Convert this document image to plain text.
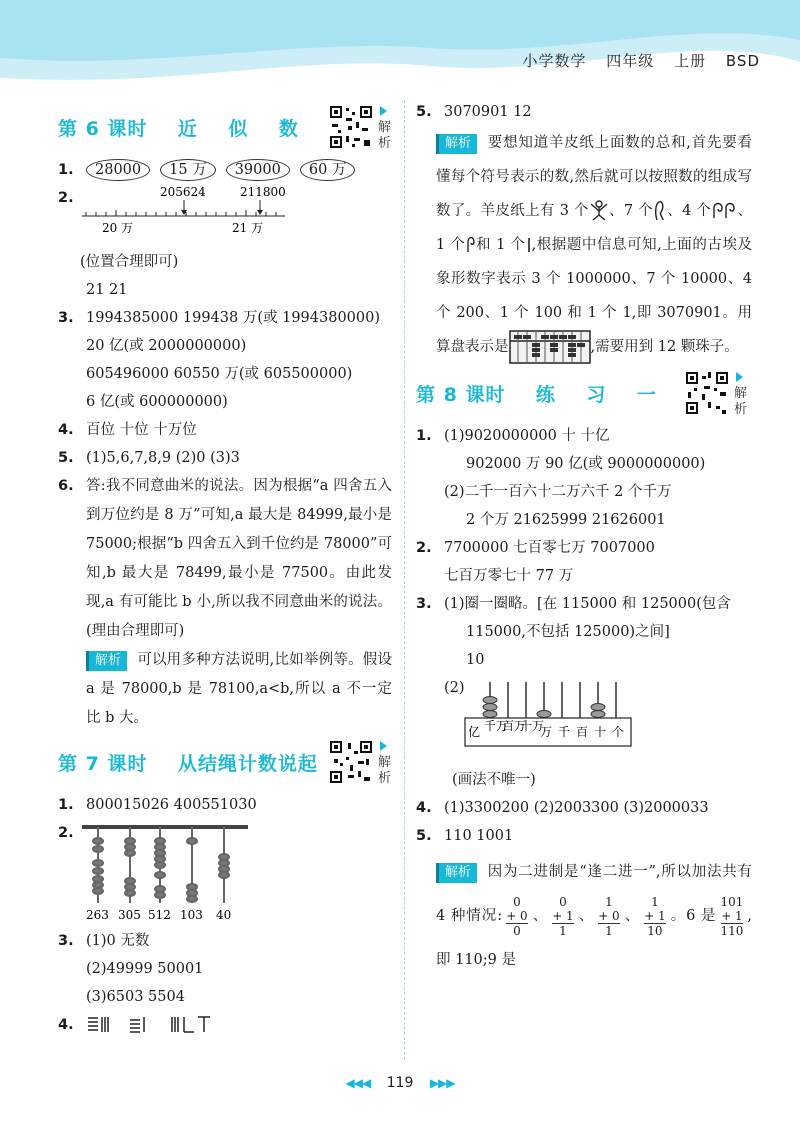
小学数学 四年级 上册 BSD
第 6 课时    近    似    数	解析
1. 28000 15 万 39000 60 万
2.	205624	211800
20 万	21 万
(位置合理即可)
21 21
3. 1994385000 199438 万(或 1994380000)
20 亿(或 2000000000)
605496000 60550 万(或 605500000)
6 亿(或 600000000)
4. 百位 十位 十万位
5. (1)5,6,7,8,9 (2)0 (3)3
6. 答:我不同意曲米的说法。因为根据“a 四舍五入到万位约是 8 万”可知,a 最大是 84999,最小是 75000;根据“b 四舍五入到千位约是 78000”可知,b 最大是 78499,最小是 77500。由此发现,a 有可能比 b 小,所以我不同意曲米的说法。(理由合理即可)
解析 可以用多种方法说明,比如举例等。假设 a 是 78000,b 是 78100,a<b,所以 a 不一定比 b 大。
第 7 课时    从结绳计数说起	解析
1. 800015026 400551030
2.
263 305 512 103 40
3. (1)0 无数
(2)49999 50001
(3)6503 5504
4.
5. 3070901 12
解析 要想知道羊皮纸上面数的总和,首先要看懂每个符号表示的数,然后就可以按照数的组成写数了。羊皮纸上有 3 个 、7 个 、4 个 、1 个 和 1 个 ,根据题中信息可知,上面的古埃及象形数字表示 3 个 1000000、7 个 10000、4 个 200、1 个 100 和 1 个 1,即 3070901。用算盘表示是	,需要用到 12 颗珠子。
第 8 课时    练    习    一	解析
1. (1)9020000000 十 十亿
902000 万 90 亿(或 9000000000)
(2)二千一百六十二万六千 2 个千万
2 个万 21625999 21626001
2. 7700000 七百零七万 7007000
七百万零七十 77 万
3. (1)圈一圈略。[在 115000 和 125000(包含
115000,不包括 125000)之间]
10
(2)
亿 千万
百万
十万
万 千 百 十 个
(画法不唯一)
4. (1)3300200 (2)2003300 (3)2000033
5. 110 1001
解析 因为二进制是“逢二进一”,所以加法共有 4 种情况:0
+ 0
0
、0
+ 1
1
、1
+ 0
1
、1
+ 1
10
。6 是101
+ 1
110
,即 110;9 是
◀◀◀ 119 ▶▶▶
